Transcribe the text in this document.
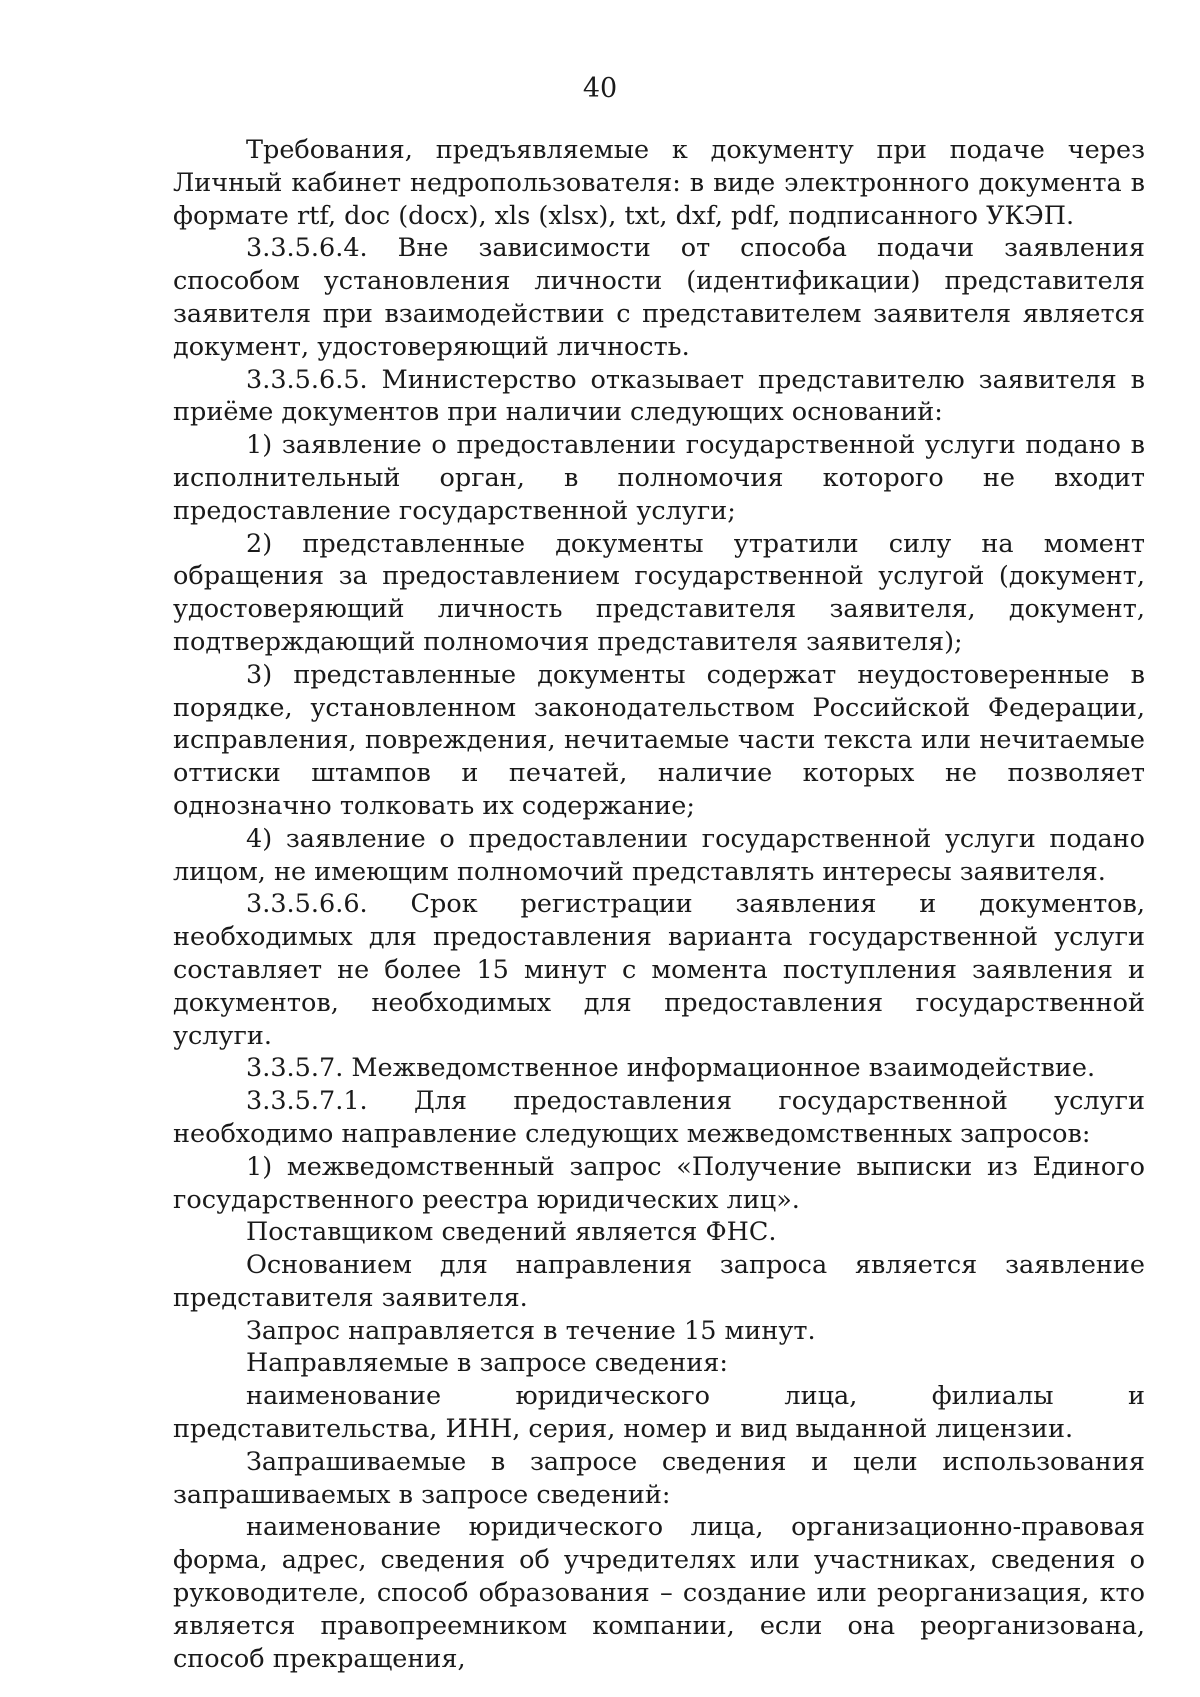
40

Требования, предъявляемые к документу при подаче через Личный кабинет недропользователя: в виде электронного документа в формате rtf, doc (docx), xls (xlsx), txt, dxf, pdf, подписанного УКЭП.

3.3.5.6.4. Вне зависимости от способа подачи заявления способом установления личности (идентификации) представителя заявителя при взаимодействии с представителем заявителя является документ, удостоверяющий личность.

3.3.5.6.5. Министерство отказывает представителю заявителя в приёме документов при наличии следующих оснований:

1) заявление о предоставлении государственной услуги подано в исполнительный орган, в полномочия которого не входит предоставление государственной услуги;

2) представленные документы утратили силу на момент обращения за предоставлением государственной услугой (документ, удостоверяющий личность представителя заявителя, документ, подтверждающий полномочия представителя заявителя);

3) представленные документы содержат неудостоверенные в порядке, установленном законодательством Российской Федерации, исправления, повреждения, нечитаемые части текста или нечитаемые оттиски штампов и печатей, наличие которых не позволяет однозначно толковать их содержание;

4) заявление о предоставлении государственной услуги подано лицом, не имеющим полномочий представлять интересы заявителя.

3.3.5.6.6. Срок регистрации заявления и документов, необходимых для предоставления варианта государственной услуги составляет не более 15 минут с момента поступления заявления и документов, необходимых для предоставления государственной услуги.

3.3.5.7. Межведомственное информационное взаимодействие.

3.3.5.7.1. Для предоставления государственной услуги необходимо направление следующих межведомственных запросов:

1) межведомственный запрос «Получение выписки из Единого государственного реестра юридических лиц».

Поставщиком сведений является ФНС.

Основанием для направления запроса является заявление представителя заявителя.

Запрос направляется в течение 15 минут.

Направляемые в запросе сведения:

наименование юридического лица, филиалы и представительства, ИНН, серия, номер и вид выданной лицензии.

Запрашиваемые в запросе сведения и цели использования запрашиваемых в запросе сведений:

наименование юридического лица, организационно-правовая форма, адрес, сведения об учредителях или участниках, сведения о руководителе, способ образования – создание или реорганизация, кто является правопреемником компании, если она реорганизована, способ прекращения,
